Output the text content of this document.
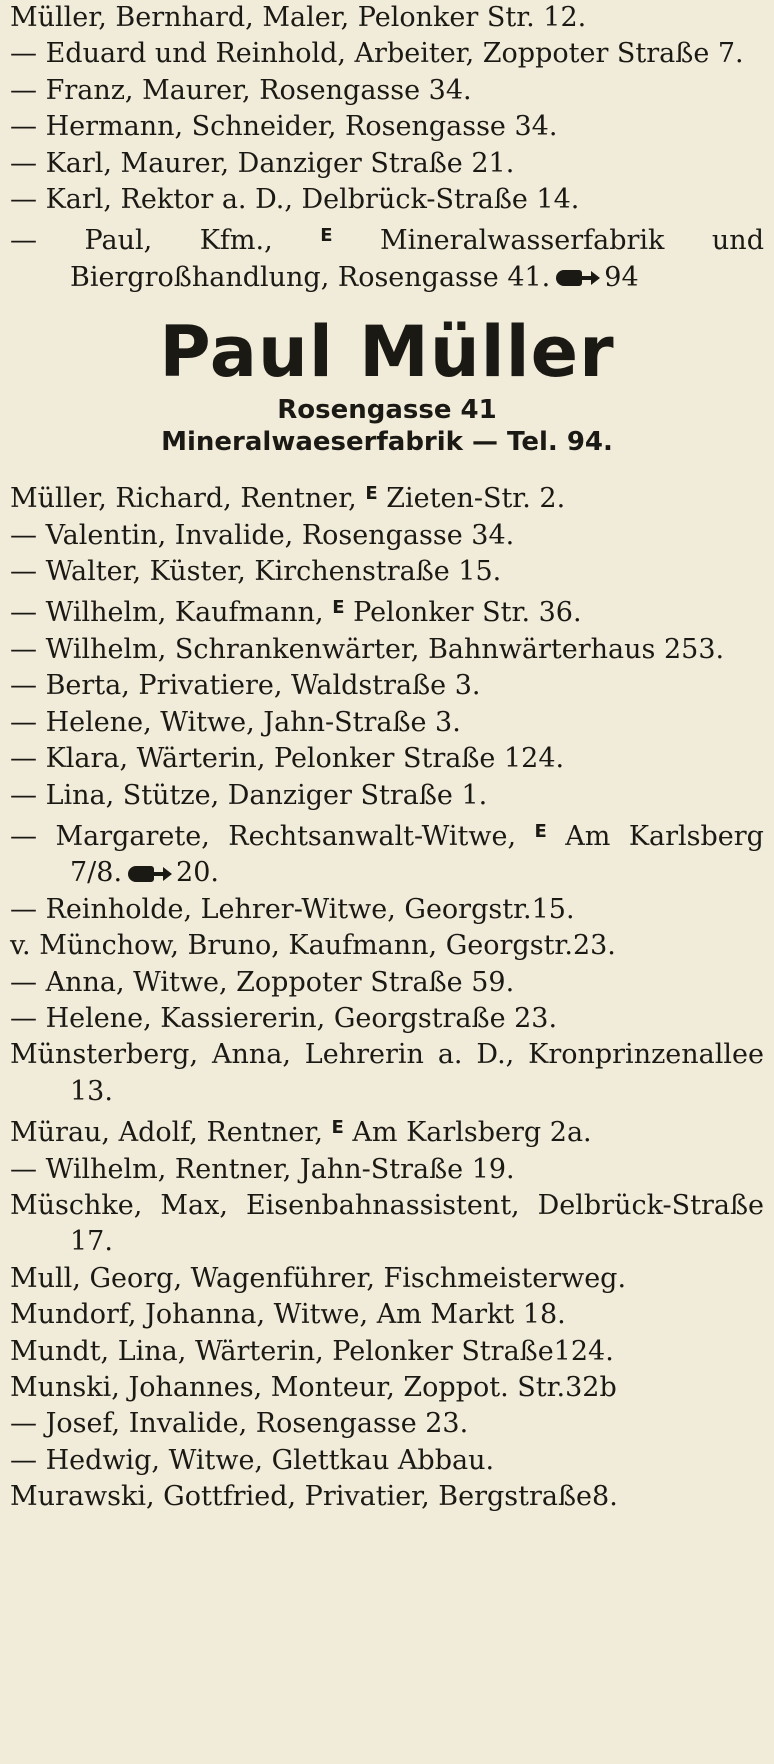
Müller, Bernhard, Maler, Pelonker Str. 12.
— Eduard und Reinhold, Arbeiter, Zoppoter Straße 7.
— Franz, Maurer, Rosengasse 34.
— Hermann, Schneider, Rosengasse 34.
— Karl, Maurer, Danziger Straße 21.
— Karl, Rektor a. D., Delbrück-Straße 14.
— Paul, Kfm.,	$^E$ Mineralwasserfabrik und Biergroßhandlung, Rosengasse 41. 94
Paul Müller
Rosengasse 41
Mineralwaeserfabrik — Tel. 94.
Müller, Richard, Rentner, $^E$ Zieten-Str. 2.
— Valentin, Invalide, Rosengasse 34.
— Walter, Küster, Kirchenstraße 15.
— Wilhelm, Kaufmann, $^E$ Pelonker Str. 36.
— Wilhelm, Schrankenwärter, Bahnwärterhaus 253.
— Berta, Privatiere, Waldstraße 3.
— Helene, Witwe, Jahn-Straße 3.
— Klara, Wärterin, Pelonker Straße 124.
— Lina, Stütze, Danziger Straße 1.
— Margarete, Rechtsanwalt-Witwe, $^E$ Am Karlsberg 7/8. 20.
— Reinholde, Lehrer-Witwe, Georgstr.15.
v. Münchow, Bruno, Kaufmann, Georgstr.23.
— Anna, Witwe, Zoppoter Straße 59.
— Helene, Kassiererin, Georgstraße 23.
Münsterberg, Anna, Lehrerin a. D., Kronprinzenallee 13.
Mürau, Adolf, Rentner, $^E$ Am Karlsberg 2a.
— Wilhelm, Rentner, Jahn-Straße 19.
Müschke, Max, Eisenbahnassistent, Delbrück-Straße 17.
Mull, Georg, Wagenführer, Fischmeisterweg.
Mundorf, Johanna, Witwe, Am Markt 18.
Mundt, Lina, Wärterin, Pelonker Straße124.
Munski, Johannes, Monteur, Zoppot. Str.32b
— Josef, Invalide, Rosengasse 23.
— Hedwig, Witwe, Glettkau Abbau.
Murawski, Gottfried, Privatier, Bergstraße8.
